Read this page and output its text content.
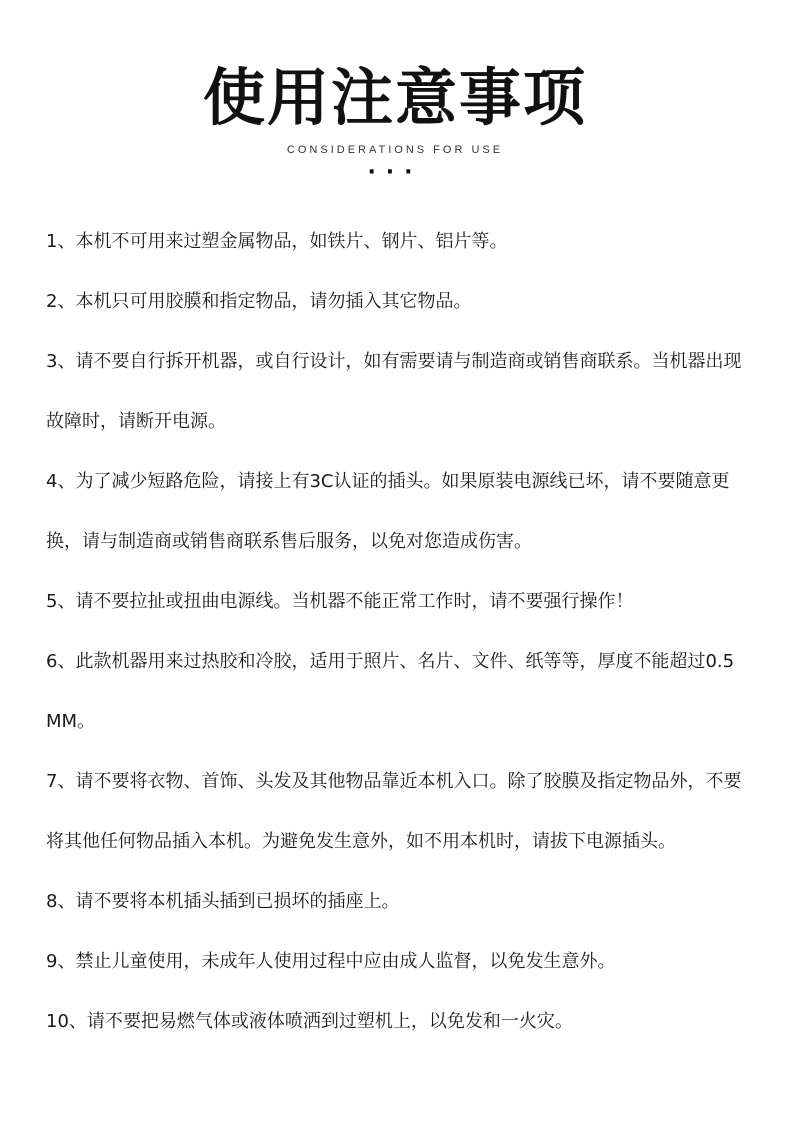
使用注意事项
CONSIDERATIONS FOR USE
···
1、本机不可用来过塑金属物品，如铁片、钢片、铝片等。
2、本机只可用胶膜和指定物品，请勿插入其它物品。
3、请不要自行拆开机器，或自行设计，如有需要请与制造商或销售商联系。当机器出现故障时，请断开电源。
4、为了减少短路危险，请接上有3C认证的插头。如果原装电源线已坏，请不要随意更换，请与制造商或销售商联系售后服务，以免对您造成伤害。
5、请不要拉扯或扭曲电源线。当机器不能正常工作时，请不要强行操作！
6、此款机器用来过热胶和冷胶，适用于照片、名片、文件、纸等等，厚度不能超过0.5MM。
7、请不要将衣物、首饰、头发及其他物品靠近本机入口。除了胶膜及指定物品外，不要将其他任何物品插入本机。为避免发生意外，如不用本机时，请拔下电源插头。
8、请不要将本机插头插到已损坏的插座上。
9、禁止儿童使用，未成年人使用过程中应由成人监督，以免发生意外。
10、请不要把易燃气体或液体喷洒到过塑机上，以免发和一火灾。
